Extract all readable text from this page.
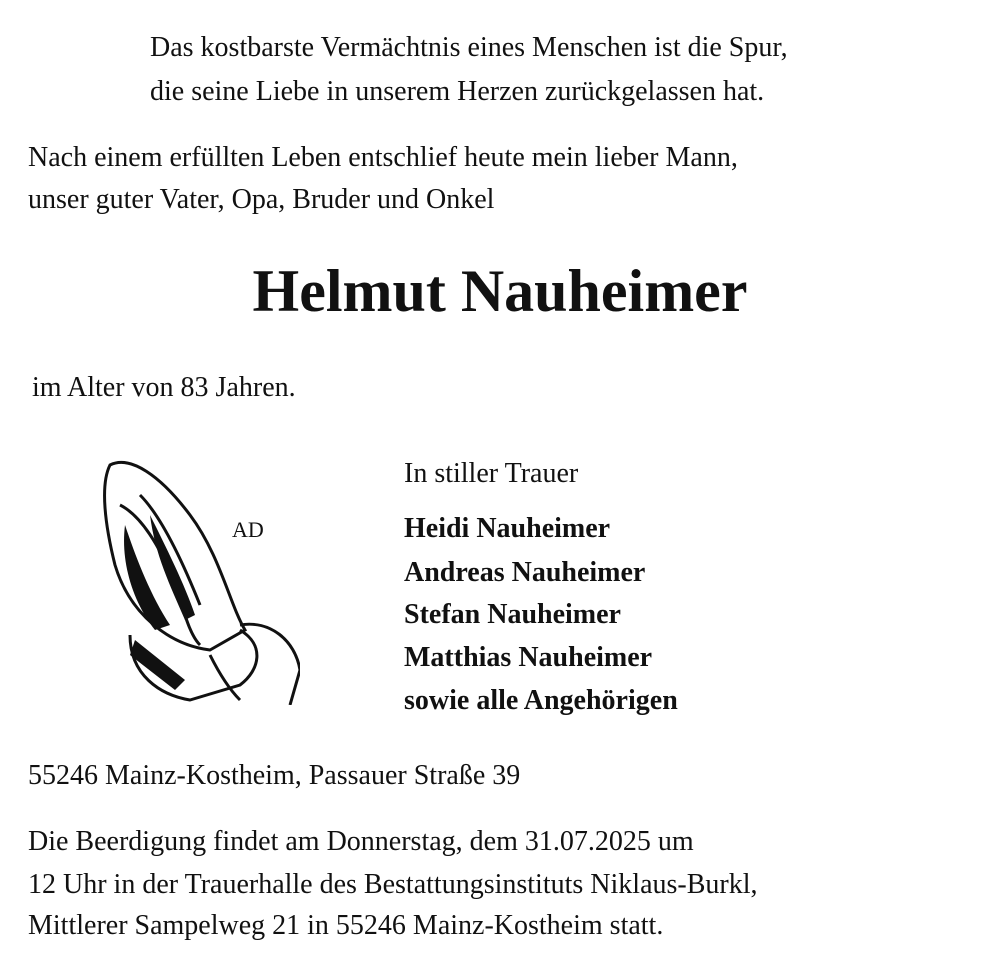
Das kostbarste Vermächtnis eines Menschen ist die Spur,
die seine Liebe in unserem Herzen zurückgelassen hat.
Nach einem erfüllten Leben entschlief heute mein lieber Mann,
unser guter Vater, Opa, Bruder und Onkel
Helmut Nauheimer
im Alter von 83 Jahren.
AD
In stiller Trauer
Heidi Nauheimer
Andreas Nauheimer
Stefan Nauheimer
Matthias Nauheimer
sowie alle Angehörigen
55246 Mainz-Kostheim, Passauer Straße 39
Die Beerdigung findet am Donnerstag, dem 31.07.2025 um
12 Uhr in der Trauerhalle des Bestattungsinstituts Niklaus-Burkl,
Mittlerer Sampelweg 21 in 55246 Mainz-Kostheim statt.
